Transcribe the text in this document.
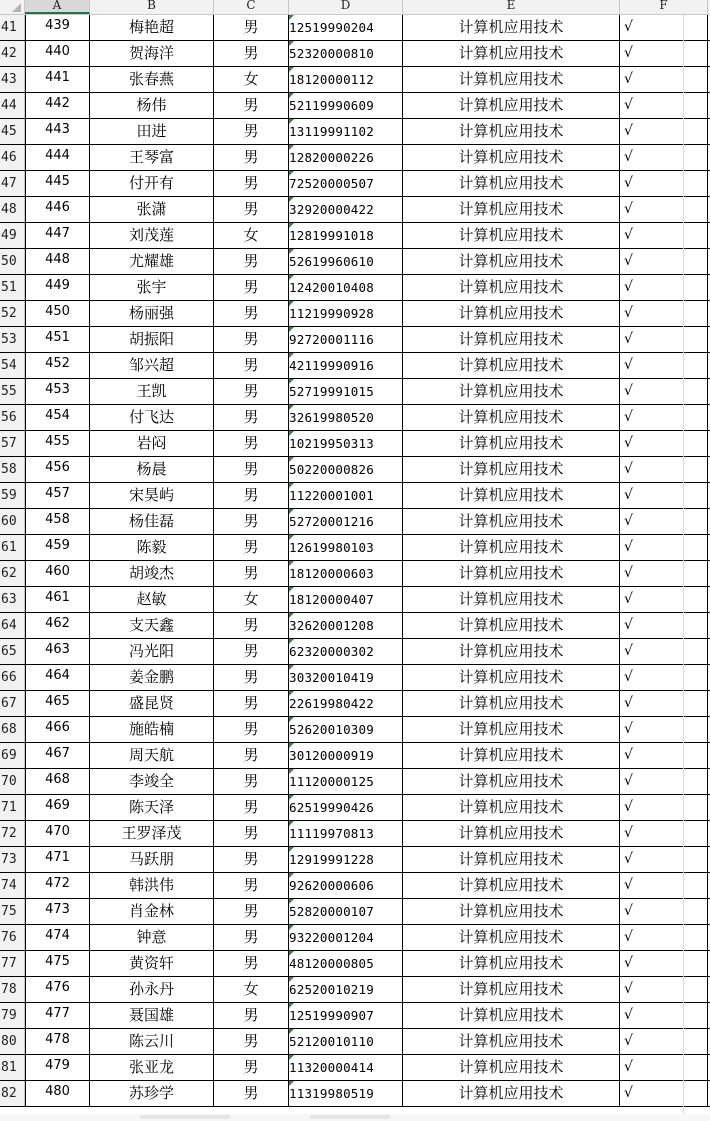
A	B	C	D	E	F
41	439	梅艳超	男	12519990204	计算机应用技术	√
42	440	贺海洋	男	52320000810	计算机应用技术	√
43	441	张春燕	女	18120000112	计算机应用技术	√
44	442	杨伟	男	52119990609	计算机应用技术	√
45	443	田进	男	13119991102	计算机应用技术	√
46	444	王琴富	男	12820000226	计算机应用技术	√
47	445	付开有	男	72520000507	计算机应用技术	√
48	446	张潇	男	32920000422	计算机应用技术	√
49	447	刘茂莲	女	12819991018	计算机应用技术	√
50	448	尤耀雄	男	52619960610	计算机应用技术	√
51	449	张宇	男	12420010408	计算机应用技术	√
52	450	杨丽强	男	11219990928	计算机应用技术	√
53	451	胡振阳	男	92720001116	计算机应用技术	√
54	452	邹兴超	男	42119990916	计算机应用技术	√
55	453	王凯	男	52719991015	计算机应用技术	√
56	454	付飞达	男	32619980520	计算机应用技术	√
57	455	岩闷	男	10219950313	计算机应用技术	√
58	456	杨晨	男	50220000826	计算机应用技术	√
59	457	宋昊屿	男	11220001001	计算机应用技术	√
60	458	杨佳磊	男	52720001216	计算机应用技术	√
61	459	陈毅	男	12619980103	计算机应用技术	√
62	460	胡竣杰	男	18120000603	计算机应用技术	√
63	461	赵敏	女	18120000407	计算机应用技术	√
64	462	支天鑫	男	32620001208	计算机应用技术	√
65	463	冯光阳	男	62320000302	计算机应用技术	√
66	464	姜金鹏	男	30320010419	计算机应用技术	√
67	465	盛昆贤	男	22619980422	计算机应用技术	√
68	466	施皓楠	男	52620010309	计算机应用技术	√
69	467	周天航	男	30120000919	计算机应用技术	√
70	468	李竣全	男	11120000125	计算机应用技术	√
71	469	陈天泽	男	62519990426	计算机应用技术	√
72	470	王罗泽茂	男	11119970813	计算机应用技术	√
73	471	马跃朋	男	12919991228	计算机应用技术	√
74	472	韩洪伟	男	92620000606	计算机应用技术	√
75	473	肖金林	男	52820000107	计算机应用技术	√
76	474	钟意	男	93220001204	计算机应用技术	√
77	475	黄资轩	男	48120000805	计算机应用技术	√
78	476	孙永丹	女	62520010219	计算机应用技术	√
79	477	聂国雄	男	12519990907	计算机应用技术	√
80	478	陈云川	男	52120010110	计算机应用技术	√
81	479	张亚龙	男	11320000414	计算机应用技术	√
82	480	苏珍学	男	11319980519	计算机应用技术	√
